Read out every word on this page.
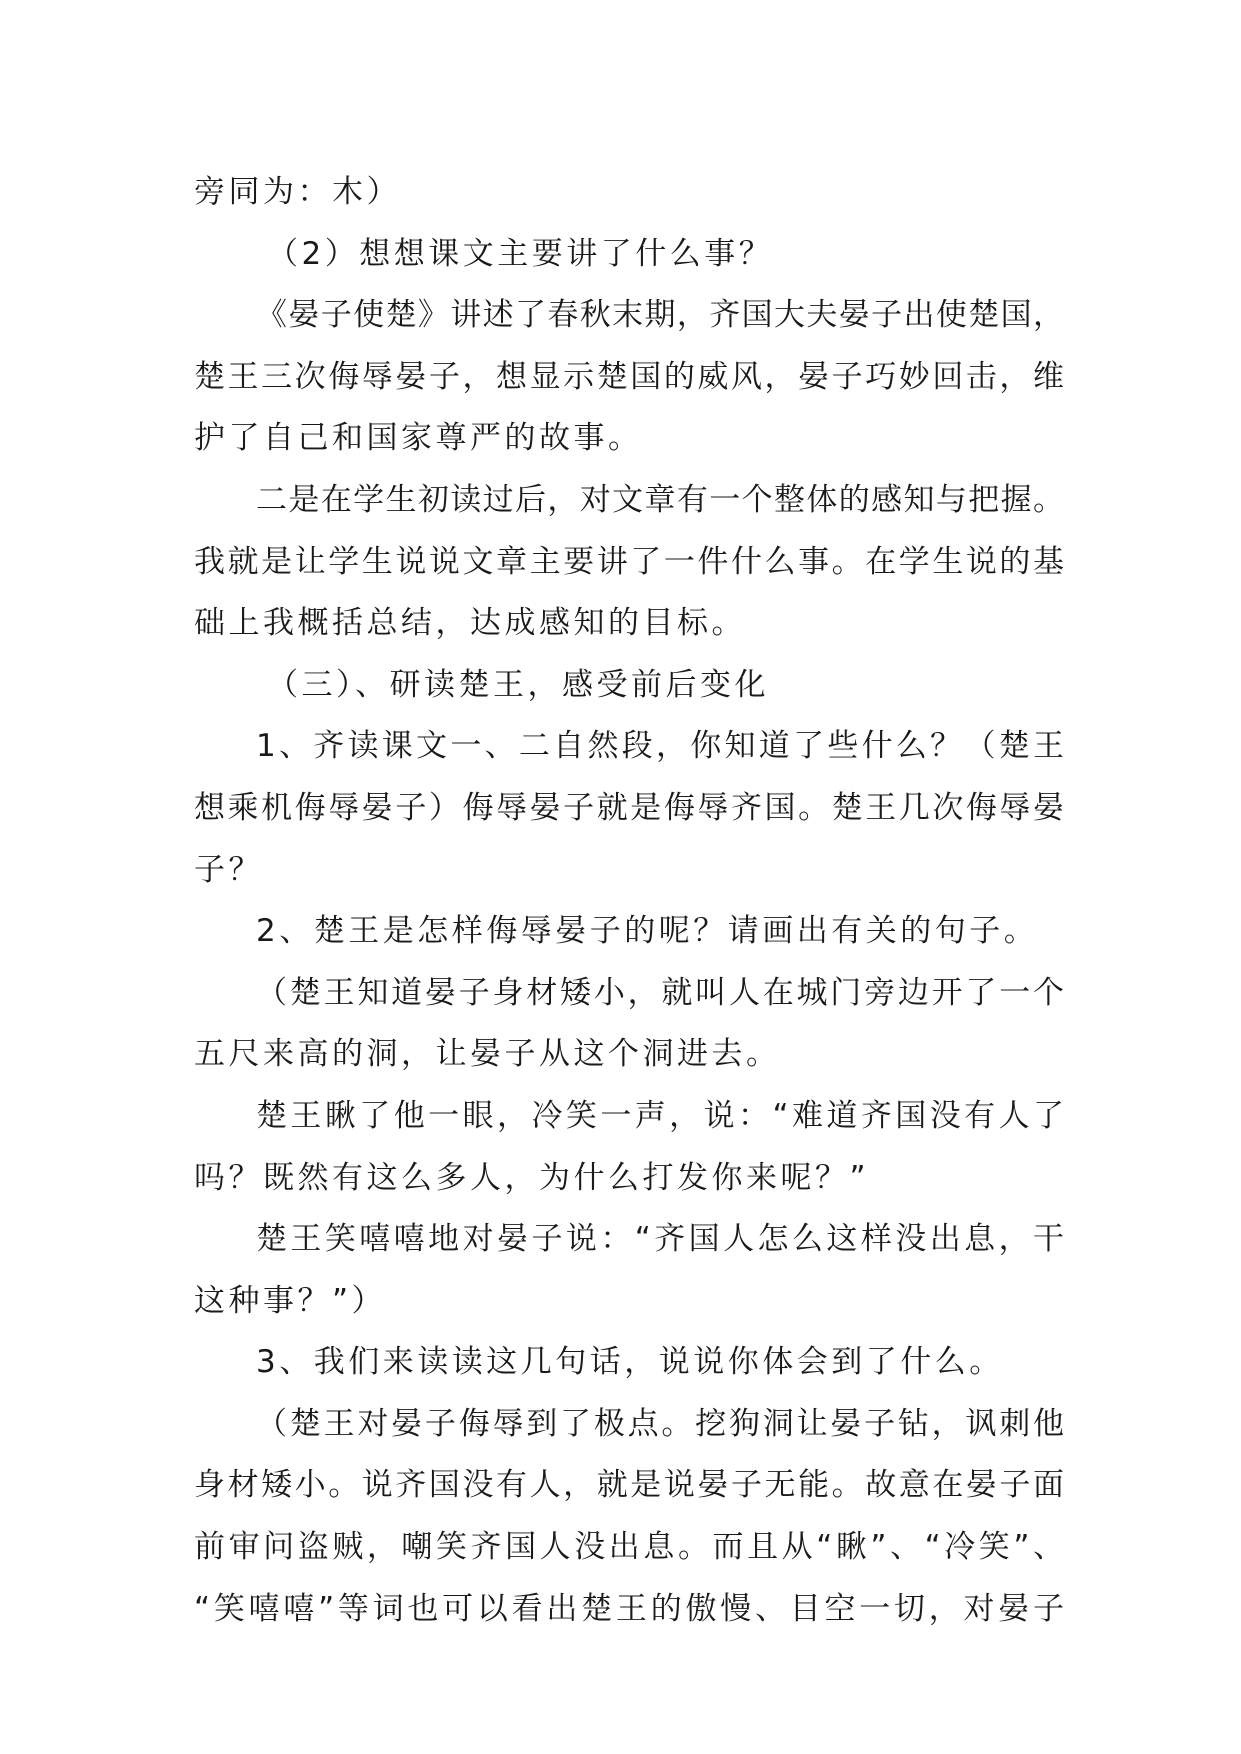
旁同为：木）
（2）想想课文主要讲了什么事？
《晏子使楚》讲述了春秋末期，齐国大夫晏子出使楚国，
楚王三次侮辱晏子，想显示楚国的威风，晏子巧妙回击，维
护了自己和国家尊严的故事。
二是在学生初读过后，对文章有一个整体的感知与把握。
我就是让学生说说文章主要讲了一件什么事。在学生说的基
础上我概括总结，达成感知的目标。
（三）、研读楚王，感受前后变化
1、齐读课文一、二自然段，你知道了些什么？（楚王
想乘机侮辱晏子）侮辱晏子就是侮辱齐国。楚王几次侮辱晏
子？
2、楚王是怎样侮辱晏子的呢？请画出有关的句子。
（楚王知道晏子身材矮小，就叫人在城门旁边开了一个
五尺来高的洞，让晏子从这个洞进去。
楚王瞅了他一眼，冷笑一声，说：“难道齐国没有人了
吗？既然有这么多人，为什么打发你来呢？”
楚王笑嘻嘻地对晏子说：“齐国人怎么这样没出息，干
这种事？”）
3、我们来读读这几句话，说说你体会到了什么。
（楚王对晏子侮辱到了极点。挖狗洞让晏子钻，讽刺他
身材矮小。说齐国没有人，就是说晏子无能。故意在晏子面
前审问盗贼，嘲笑齐国人没出息。而且从“瞅”、“冷笑”、
“笑嘻嘻”等词也可以看出楚王的傲慢、目空一切，对晏子
